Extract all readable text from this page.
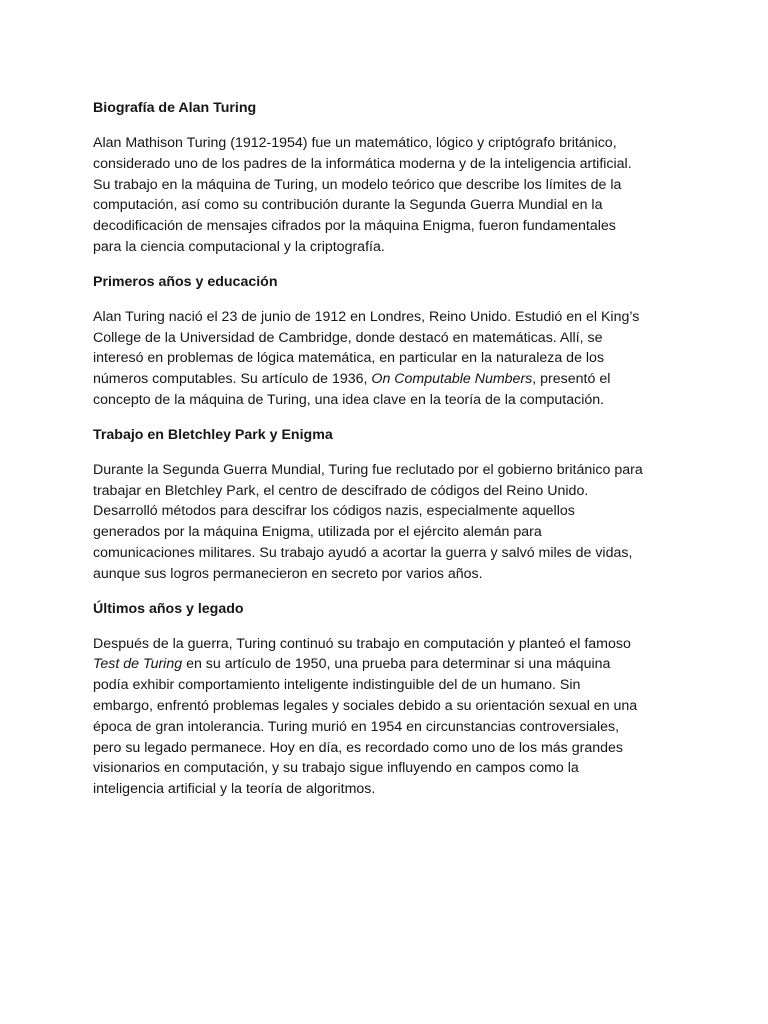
Biografía de Alan Turing
Alan Mathison Turing (1912-1954) fue un matemático, lógico y criptógrafo británico,
considerado uno de los padres de la informática moderna y de la inteligencia artificial.
Su trabajo en la máquina de Turing, un modelo teórico que describe los límites de la
computación, así como su contribución durante la Segunda Guerra Mundial en la
decodificación de mensajes cifrados por la máquina Enigma, fueron fundamentales
para la ciencia computacional y la criptografía.
Primeros años y educación
Alan Turing nació el 23 de junio de 1912 en Londres, Reino Unido. Estudió en el King’s
College de la Universidad de Cambridge, donde destacó en matemáticas. Allí, se
interesó en problemas de lógica matemática, en particular en la naturaleza de los
números computables. Su artículo de 1936, On Computable Numbers, presentó el
concepto de la máquina de Turing, una idea clave en la teoría de la computación.
Trabajo en Bletchley Park y Enigma
Durante la Segunda Guerra Mundial, Turing fue reclutado por el gobierno británico para
trabajar en Bletchley Park, el centro de descifrado de códigos del Reino Unido.
Desarrolló métodos para descifrar los códigos nazis, especialmente aquellos
generados por la máquina Enigma, utilizada por el ejército alemán para
comunicaciones militares. Su trabajo ayudó a acortar la guerra y salvó miles de vidas,
aunque sus logros permanecieron en secreto por varios años.
Últimos años y legado
Después de la guerra, Turing continuó su trabajo en computación y planteó el famoso
Test de Turing en su artículo de 1950, una prueba para determinar si una máquina
podía exhibir comportamiento inteligente indistinguible del de un humano. Sin
embargo, enfrentó problemas legales y sociales debido a su orientación sexual en una
época de gran intolerancia. Turing murió en 1954 en circunstancias controversiales,
pero su legado permanece. Hoy en día, es recordado como uno de los más grandes
visionarios en computación, y su trabajo sigue influyendo en campos como la
inteligencia artificial y la teoría de algoritmos.
